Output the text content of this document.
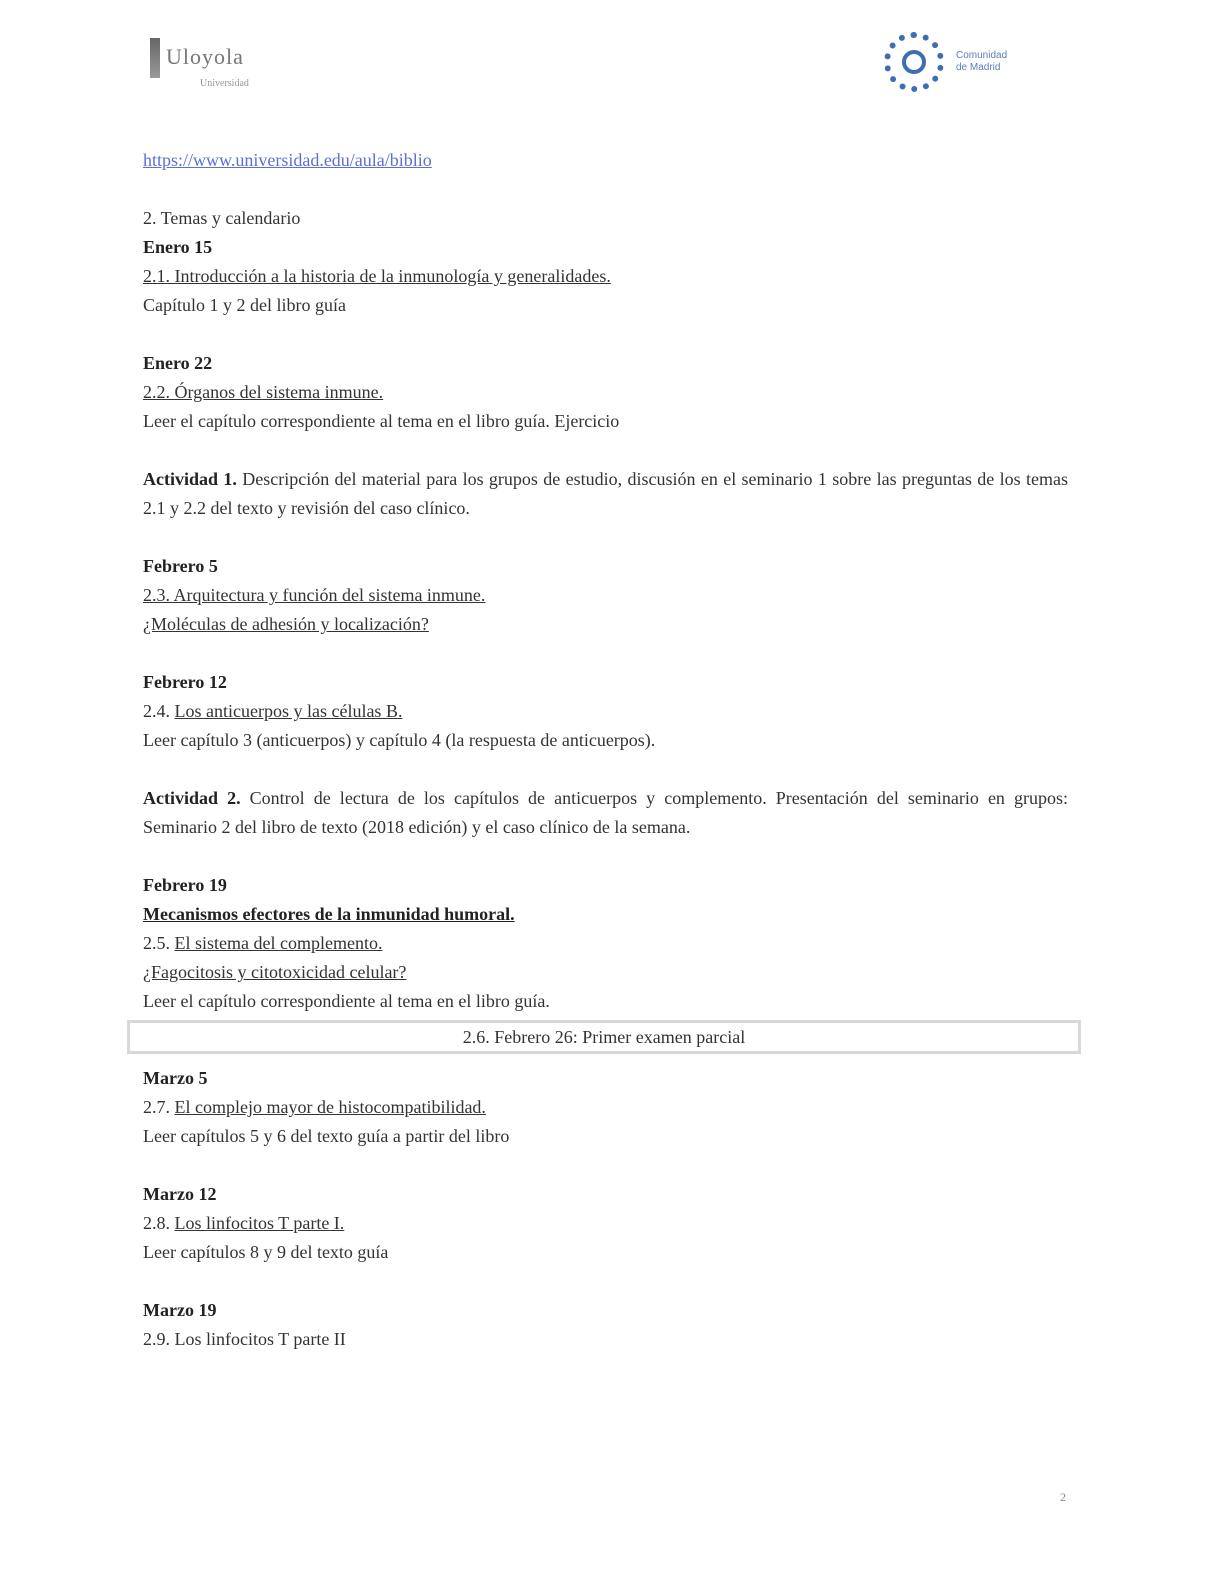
Uloyola
Universidad
Comunidad
de Madrid
https://www.universidad.edu/aula/biblio
2. Temas y calendario
Enero 15
2.1. Introducción a la historia de la inmunología y generalidades.
Capítulo 1 y 2 del libro guía
Enero 22
2.2. Órganos del sistema inmune.
Leer el capítulo correspondiente al tema en el libro guía. Ejercicio
Actividad 1. Descripción del material para los grupos de estudio, discusión en el seminario 1 sobre las preguntas de los temas 2.1 y 2.2 del texto y revisión del caso clínico.
Febrero 5
2.3. Arquitectura y función del sistema inmune.
¿Moléculas de adhesión y localización?
Febrero 12
2.4. Los anticuerpos y las células B.
Leer capítulo 3 (anticuerpos) y capítulo 4 (la respuesta de anticuerpos).
Actividad 2. Control de lectura de los capítulos de anticuerpos y complemento. Presentación del seminario en grupos: Seminario 2 del libro de texto (2018 edición) y el caso clínico de la semana.
Febrero 19
Mecanismos efectores de la inmunidad humoral.
2.5. El sistema del complemento.
¿Fagocitosis y citotoxicidad celular?
Leer el capítulo correspondiente al tema en el libro guía.
2.6. Febrero 26: Primer examen parcial
Marzo 5
2.7. El complejo mayor de histocompatibilidad.
Leer capítulos 5 y 6 del texto guía a partir del libro
Marzo 12
2.8. Los linfocitos T parte I.
Leer capítulos 8 y 9 del texto guía
Marzo 19
2.9. Los linfocitos T parte II
2
